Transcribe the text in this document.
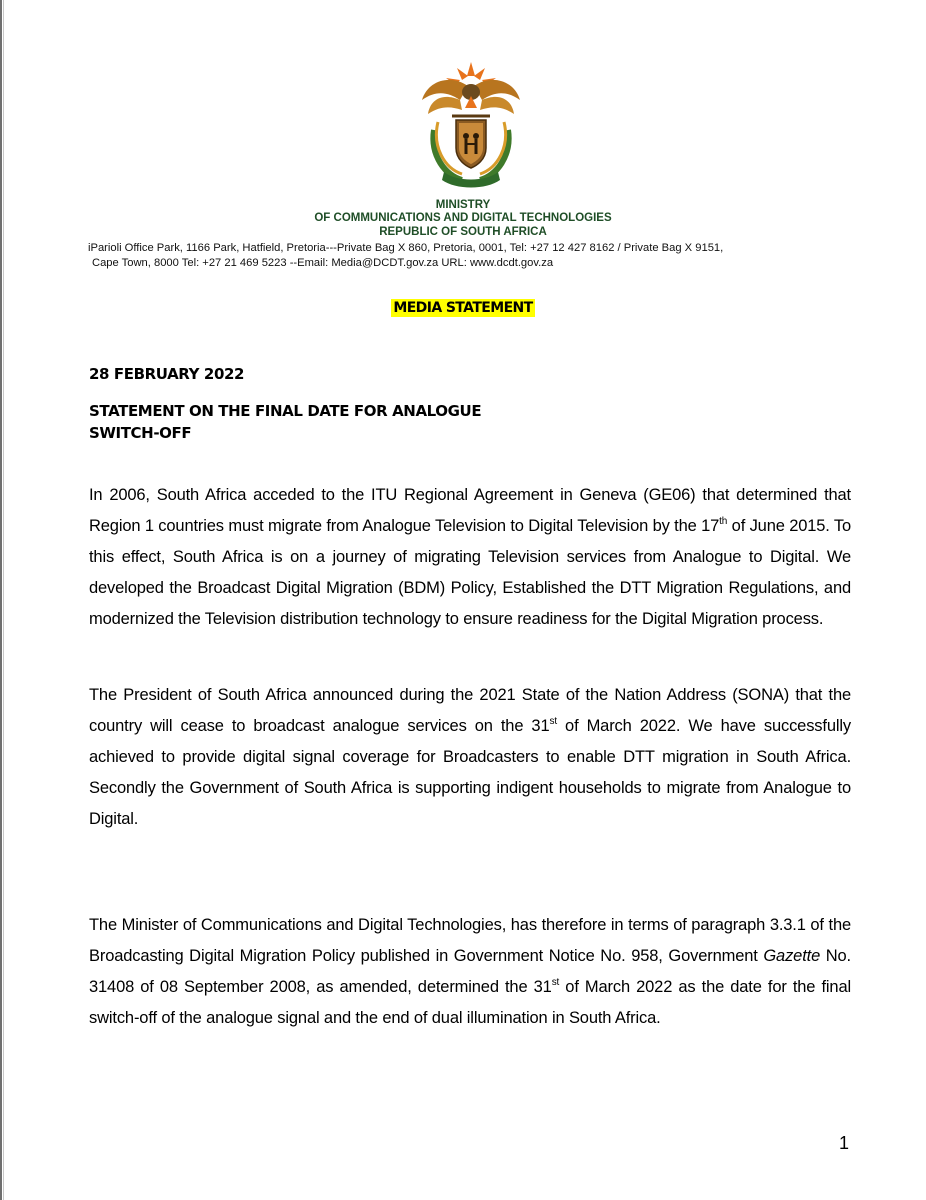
MINISTRY
OF COMMUNICATIONS AND DIGITAL TECHNOLOGIES
REPUBLIC OF SOUTH AFRICA
iParioli Office Park, 1166 Park, Hatfield, Pretoria---Private Bag X 860, Pretoria, 0001, Tel: +27 12 427 8162 / Private Bag X 9151,
Cape Town, 8000 Tel: +27 21 469 5223 --Email: Media@DCDT.gov.za URL: www.dcdt.gov.za
MEDIA STATEMENT
28 FEBRUARY 2022
STATEMENT ON THE FINAL DATE FOR ANALOGUE
SWITCH-OFF
In 2006, South Africa acceded to the ITU Regional Agreement in Geneva (GE06) that determined that Region 1 countries must migrate from Analogue Television to Digital Television by the 17th of June 2015. To this effect, South Africa is on a journey of migrating Television services from Analogue to Digital. We developed the Broadcast Digital Migration (BDM) Policy, Established the DTT Migration Regulations, and modernized the Television distribution technology to ensure readiness for the Digital Migration process.
The President of South Africa announced during the 2021 State of the Nation Address (SONA) that the country will cease to broadcast analogue services on the 31st of March 2022. We have successfully achieved to provide digital signal coverage for Broadcasters to enable DTT migration in South Africa. Secondly the Government of South Africa is supporting indigent households to migrate from Analogue to Digital.
The Minister of Communications and Digital Technologies, has therefore in terms of paragraph 3.3.1 of the Broadcasting Digital Migration Policy published in Government Notice No. 958, Government Gazette No. 31408 of 08 September 2008, as amended, determined the 31st of March 2022 as the date for the final switch-off of the analogue signal and the end of dual illumination in South Africa.
1
